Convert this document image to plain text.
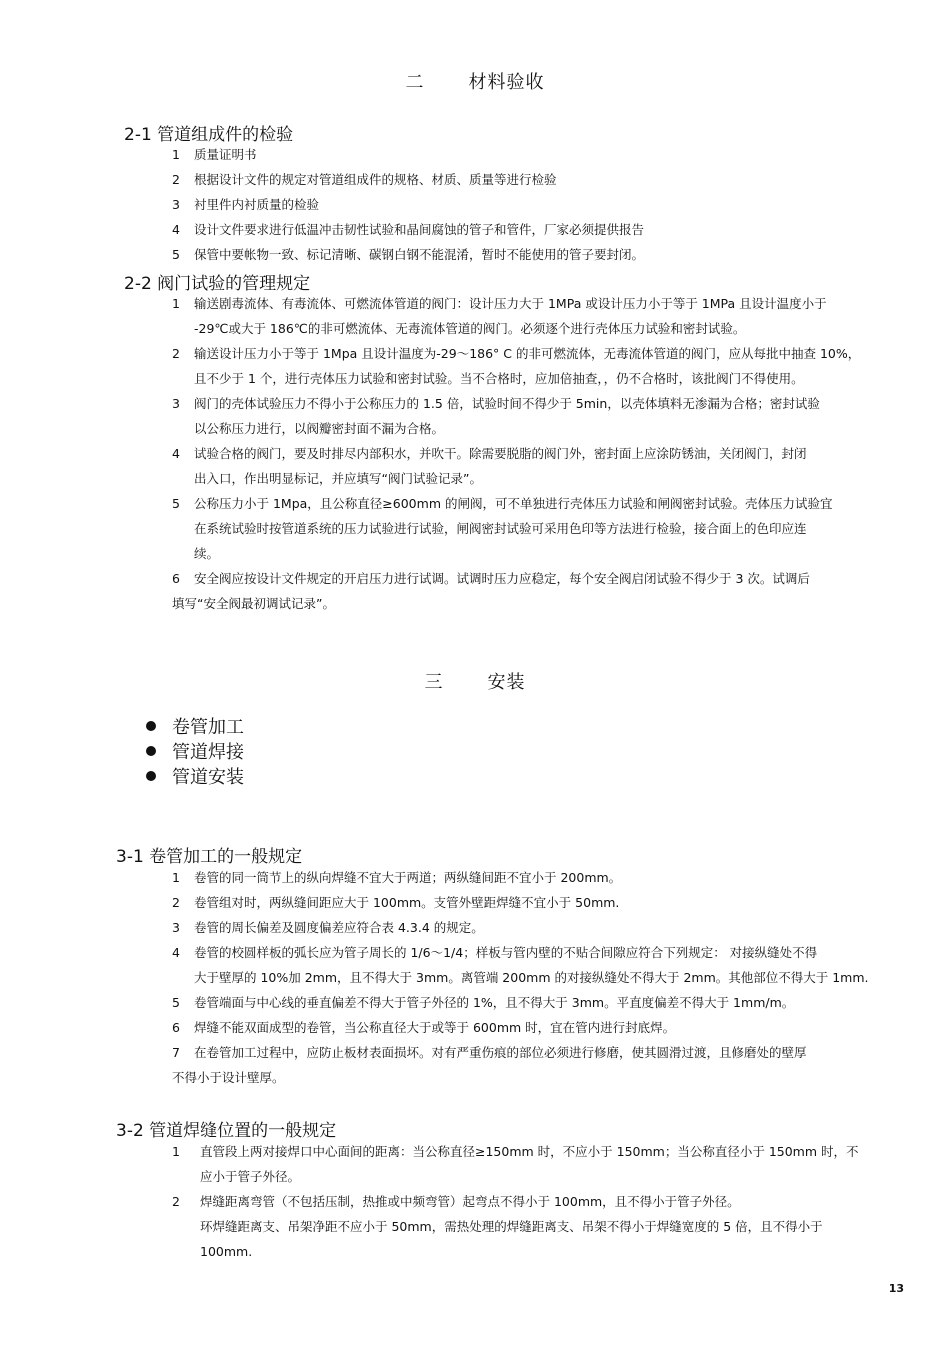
二 材料验收
2-1 管道组成件的检验
1 质量证明书
2 根据设计文件的规定对管道组成件的规格、材质、质量等进行检验
3 衬里件内衬质量的检验
4 设计文件要求进行低温冲击韧性试验和晶间腐蚀的管子和管件，厂家必须提供报告
5 保管中要帐物一致、标记清晰、碳钢白钢不能混淆，暂时不能使用的管子要封闭。
2-2 阀门试验的管理规定
1 输送剧毒流体、有毒流体、可燃流体管道的阀门：设计压力大于 1MPa 或设计压力小于等于 1MPa 且设计温度小于
-29℃或大于 186℃的非可燃流体、无毒流体管道的阀门。必须逐个进行壳体压力试验和密封试验。
2 输送设计压力小于等于 1Mpa 且设计温度为-29～186° C 的非可燃流体，无毒流体管道的阀门，应从每批中抽查 10%，
且不少于 1 个，进行壳体压力试验和密封试验。当不合格时，应加倍抽查，，仍不合格时，该批阀门不得使用。
3 阀门的壳体试验压力不得小于公称压力的 1.5 倍，试验时间不得少于 5min，以壳体填料无渗漏为合格；密封试验
以公称压力进行，以阀瓣密封面不漏为合格。
4 试验合格的阀门，要及时排尽内部积水，并吹干。除需要脱脂的阀门外，密封面上应涂防锈油，关闭阀门，封闭
出入口，作出明显标记，并应填写“阀门试验记录”。
5 公称压力小于 1Mpa，且公称直径≥600mm 的闸阀，可不单独进行壳体压力试验和闸阀密封试验。壳体压力试验宜
在系统试验时按管道系统的压力试验进行试验，闸阀密封试验可采用色印等方法进行检验，接合面上的色印应连
续。
6 安全阀应按设计文件规定的开启压力进行试调。试调时压力应稳定，每个安全阀启闭试验不得少于 3 次。试调后
填写“安全阀最初调试记录”。
三 安装
卷管加工
管道焊接
管道安装
3-1 卷管加工的一般规定
1 卷管的同一筒节上的纵向焊缝不宜大于两道；两纵缝间距不宜小于 200mm。
2 卷管组对时，两纵缝间距应大于 100mm。支管外壁距焊缝不宜小于 50mm.
3 卷管的周长偏差及圆度偏差应符合表 4.3.4 的规定。
4 卷管的校圆样板的弧长应为管子周长的 1/6～1/4；样板与管内壁的不贴合间隙应符合下列规定： 对接纵缝处不得
大于壁厚的 10%加 2mm，且不得大于 3mm。离管端 200mm 的对接纵缝处不得大于 2mm。其他部位不得大于 1mm.
5 卷管端面与中心线的垂直偏差不得大于管子外径的 1%，且不得大于 3mm。平直度偏差不得大于 1mm/m。
6 焊缝不能双面成型的卷管，当公称直径大于或等于 600mm 时，宜在管内进行封底焊。
7 在卷管加工过程中，应防止板材表面损坏。对有严重伤痕的部位必须进行修磨，使其圆滑过渡，且修磨处的壁厚
不得小于设计壁厚。
3-2 管道焊缝位置的一般规定
1 直管段上两对接焊口中心面间的距离：当公称直径≥150mm 时，不应小于 150mm；当公称直径小于 150mm 时，不
应小于管子外径。
2 焊缝距离弯管（不包括压制，热推或中频弯管）起弯点不得小于 100mm，且不得小于管子外径。
环焊缝距离支、吊架净距不应小于 50mm，需热处理的焊缝距离支、吊架不得小于焊缝宽度的 5 倍，且不得小于
100mm.
13
